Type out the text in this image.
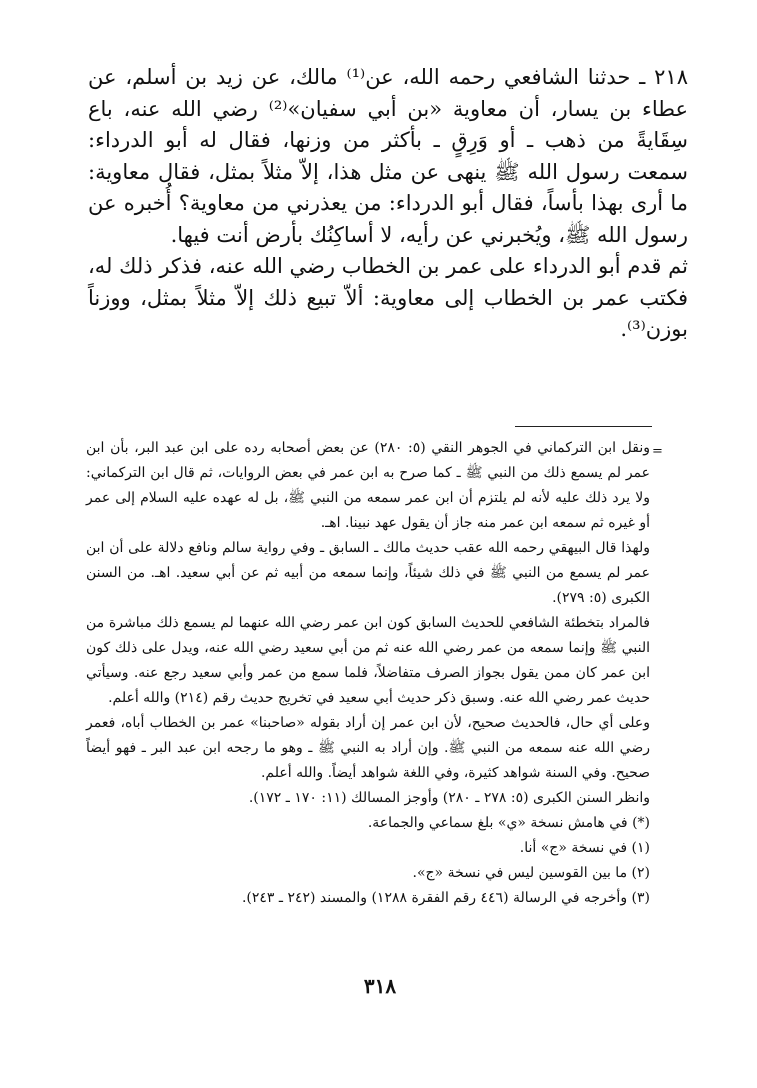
٢١٨ ـ حدثنا الشافعي رحمه الله، عن⁽¹⁾ مالك، عن زيد بن أسلم، عن عطاء بن يسار، أن معاوية «بن أبي سفيان»⁽²⁾ رضي الله عنه، باع سِقَايةً من ذهب ـ أو وَرِقٍ ـ بأكثر من وزنها، فقال له أبو الدرداء: سمعت رسول الله ﷺ ينهى عن مثل هذا، إلاّ مثلاً بمثل، فقال معاوية: ما أرى بهذا بأساً، فقال أبو الدرداء: من يعذرني من معاوية؟ أُخبره عن رسول الله ﷺ، ويُخبرني عن رأيه، لا أساكِنُك بأرض أنت فيها.

ثم قدم أبو الدرداء على عمر بن الخطاب رضي الله عنه، فذكر ذلك له، فكتب عمر بن الخطاب إلى معاوية: ألاّ تبيع ذلك إلاّ مثلاً بمثل، ووزناً بوزن⁽³⁾.

=

ونقل ابن التركماني في الجوهر النقي (٥: ٢٨٠) عن بعض أصحابه رده على ابن عبد البر، بأن ابن عمر لم يسمع ذلك من النبي ﷺ ـ كما صرح به ابن عمر في بعض الروايات، ثم قال ابن التركماني: ولا يرد ذلك عليه لأنه لم يلتزم أن ابن عمر سمعه من النبي ﷺ، بل له عهده عليه السلام إلى عمر أو غيره ثم سمعه ابن عمر منه جاز أن يقول عهد نبينا. اهـ.

ولهذا قال البيهقي رحمه الله عقب حديث مالك ـ السابق ـ وفي رواية سالم ونافع دلالة على أن ابن عمر لم يسمع من النبي ﷺ في ذلك شيئاً، وإنما سمعه من أبيه ثم عن أبي سعيد. اهـ. من السنن الكبرى (٥: ٢٧٩).

فالمراد بتخطئة الشافعي للحديث السابق كون ابن عمر رضي الله عنهما لم يسمع ذلك مباشرة من النبي ﷺ وإنما سمعه من عمر رضي الله عنه ثم من أبي سعيد رضي الله عنه، ويدل على ذلك كون ابن عمر كان ممن يقول بجواز الصرف متفاضلاً، فلما سمع من عمر وأبي سعيد رجع عنه. وسيأتي حديث عمر رضي الله عنه. وسبق ذكر حديث أبي سعيد في تخريج حديث رقم (٢١٤) والله أعلم.

وعلى أي حال، فالحديث صحيح، لأن ابن عمر إن أراد بقوله «صاحبنا» عمر بن الخطاب أباه، فعمر رضي الله عنه سمعه من النبي ﷺ. وإن أراد به النبي ﷺ ـ وهو ما رجحه ابن عبد البر ـ فهو أيضاً صحيح. وفي السنة شواهد كثيرة، وفي اللغة شواهد أيضاً. والله أعلم.

وانظر السنن الكبرى (٥: ٢٧٨ ـ ٢٨٠) وأوجز المسالك (١١: ١٧٠ ـ ١٧٢).

(*) في هامش نسخة «ي» بلغ سماعي والجماعة.

(١) في نسخة «ج» أنا.

(٢) ما بين القوسين ليس في نسخة «ج».

(٣) وأخرجه في الرسالة (٤٤٦ رقم الفقرة ١٢٨٨) والمسند (٢٤٢ ـ ٢٤٣).

٣١٨
